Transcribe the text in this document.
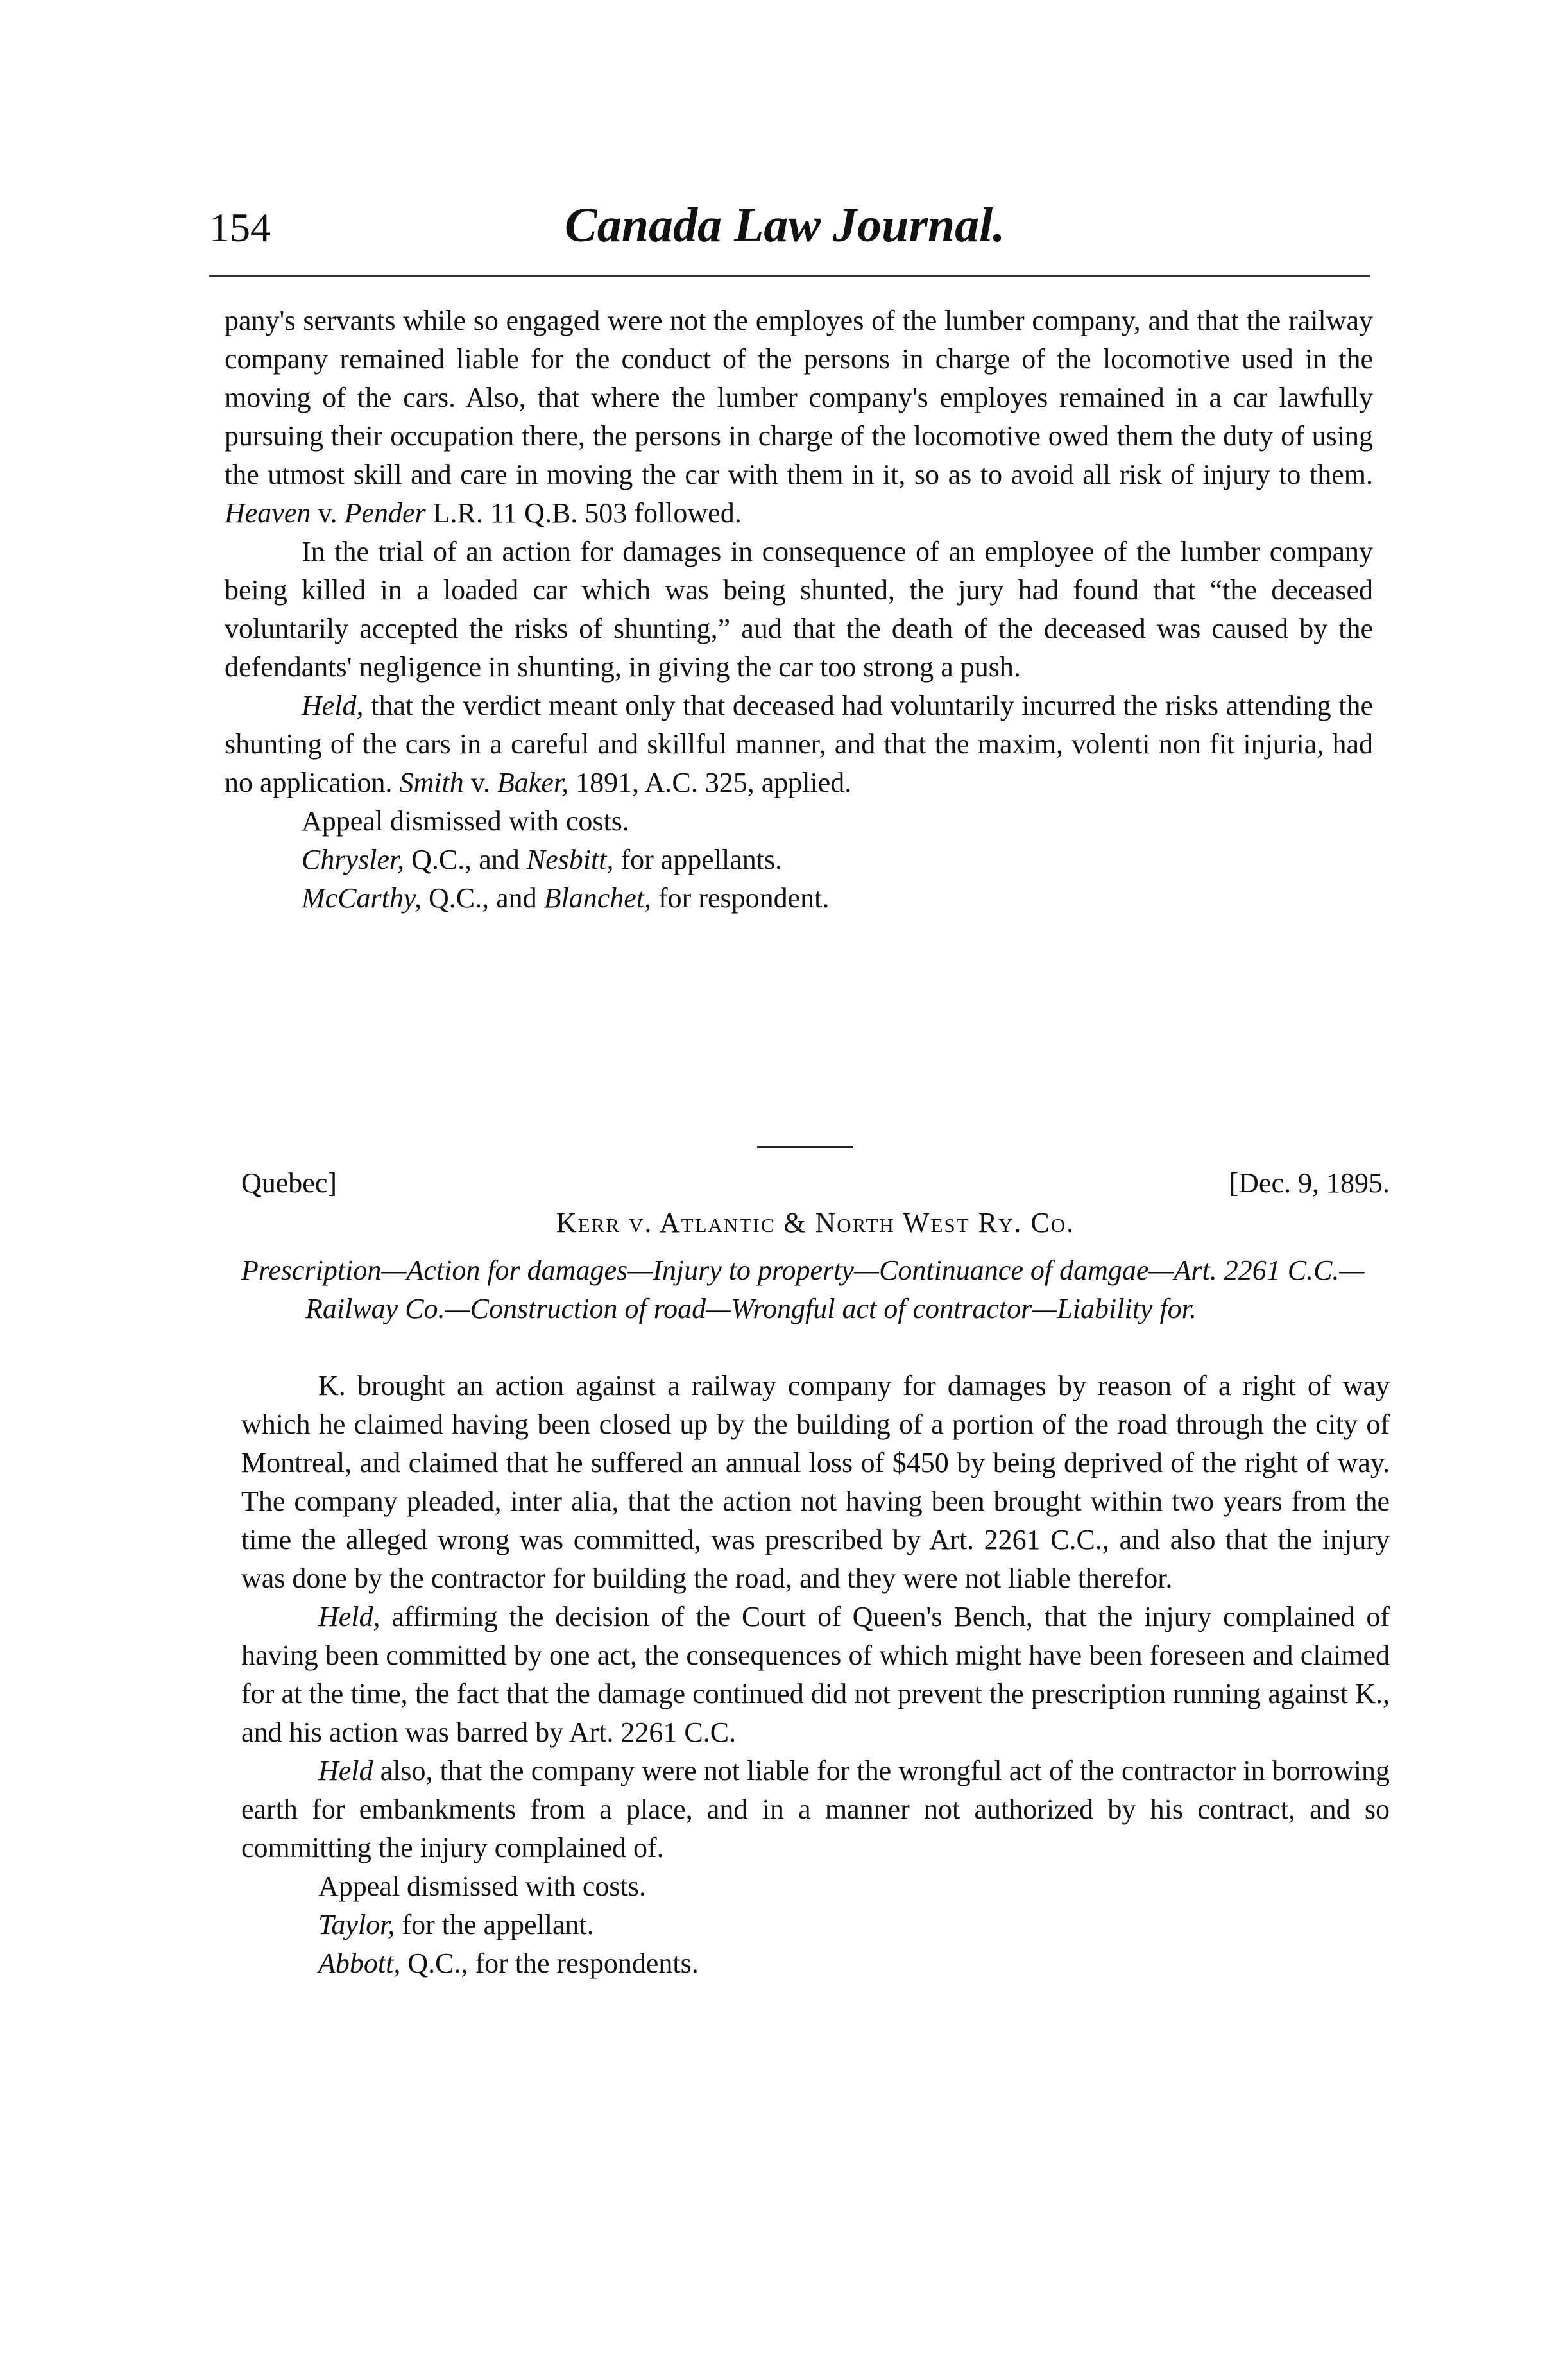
154	Canada Law Journal.

pany's servants while so engaged were not the employes of the lumber company, and that the railway company remained liable for the conduct of the persons in charge of the locomotive used in the moving of the cars. Also, that where the lumber company's employes remained in a car lawfully pursuing their occupation there, the persons in charge of the locomotive owed them the duty of using the utmost skill and care in moving the car with them in it, so as to avoid all risk of injury to them. Heaven v. Pender L.R. 11 Q.B. 503 followed.

In the trial of an action for damages in consequence of an employee of the lumber company being killed in a loaded car which was being shunted, the jury had found that “the deceased voluntarily accepted the risks of shunting,” aud that the death of the deceased was caused by the defendants' negligence in shunting, in giving the car too strong a push.

Held, that the verdict meant only that deceased had voluntarily incurred the risks attending the shunting of the cars in a careful and skillful manner, and that the maxim, volenti non fit injuria, had no application. Smith v. Baker, 1891, A.C. 325, applied.

Appeal dismissed with costs.

Chrysler, Q.C., and Nesbitt, for appellants.

McCarthy, Q.C., and Blanchet, for respondent.

Quebec]	[Dec. 9, 1895.
Kerr v. Atlantic & North West Ry. Co.
Prescription—Action for damages—Injury to property—Continuance of damgae—Art. 2261 C.C.—Railway Co.—Construction of road—Wrongful act of contractor—Liability for.

K. brought an action against a railway company for damages by reason of a right of way which he claimed having been closed up by the building of a portion of the road through the city of Montreal, and claimed that he suffered an annual loss of $450 by being deprived of the right of way. The company pleaded, inter alia, that the action not having been brought within two years from the time the alleged wrong was committed, was prescribed by Art. 2261 C.C., and also that the injury was done by the contractor for building the road, and they were not liable therefor.

Held, affirming the decision of the Court of Queen's Bench, that the injury complained of having been committed by one act, the consequences of which might have been foreseen and claimed for at the time, the fact that the damage continued did not prevent the prescription running against K., and his action was barred by Art. 2261 C.C.

Held also, that the company were not liable for the wrongful act of the contractor in borrowing earth for embankments from a place, and in a manner not authorized by his contract, and so committing the injury complained of.

Appeal dismissed with costs.

Taylor, for the appellant.

Abbott, Q.C., for the respondents.
